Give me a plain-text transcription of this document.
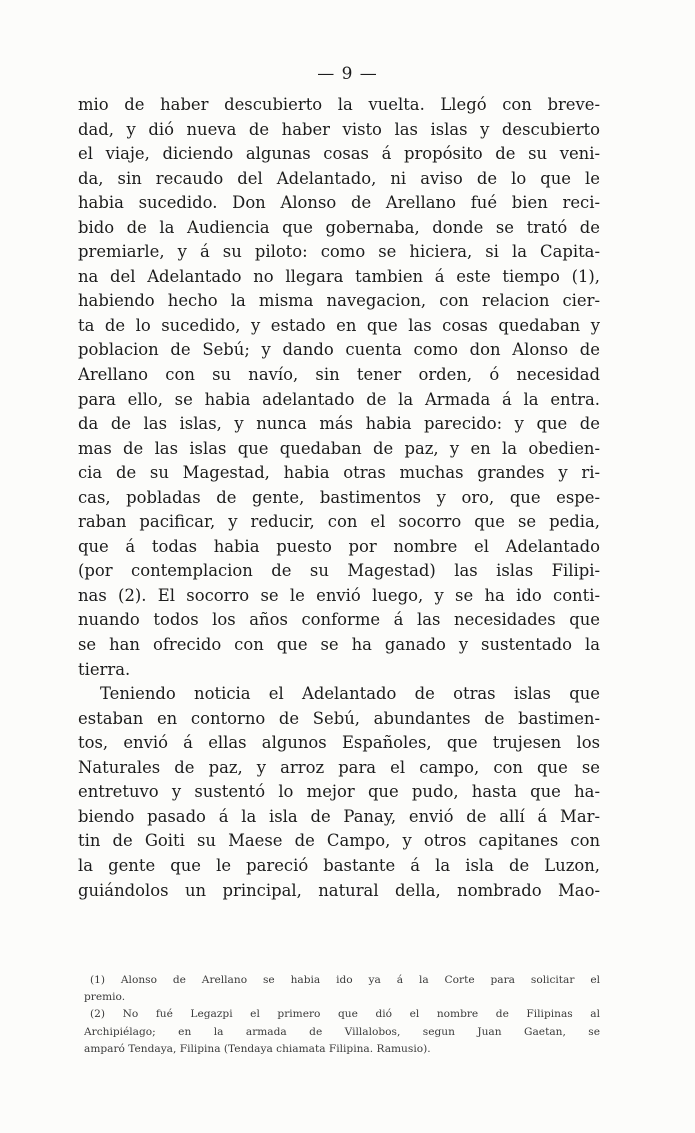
— 9 —

mio de haber descubierto la vuelta. Llegó con breve-
dad, y dió nueva de haber visto las islas y descubierto
el viaje, diciendo algunas cosas á propósito de su veni-
da, sin recaudo del Adelantado, ni aviso de lo que le
habia sucedido. Don Alonso de Arellano fué bien reci-
bido de la Audiencia que gobernaba, donde se trató de
premiarle, y á su piloto: como se hiciera, si la Capita-
na del Adelantado no llegara tambien á este tiempo (1),
habiendo hecho la misma navegacion, con relacion cier-
ta de lo sucedido, y estado en que las cosas quedaban y
poblacion de Sebú; y dando cuenta como don Alonso de
Arellano con su navío, sin tener orden, ó necesidad
para ello, se habia adelantado de la Armada á la entra.
da de las islas, y nunca más habia parecido: y que de
mas de las islas que quedaban de paz, y en la obedien-
cia de su Magestad, habia otras muchas grandes y ri-
cas, pobladas de gente, bastimentos y oro, que espe-
raban pacificar, y reducir, con el socorro que se pedia,
que á todas habia puesto por nombre el Adelantado
(por contemplacion de su Magestad) las islas Filipi-
nas (2). El socorro se le envió luego, y se ha ido conti-
nuando todos los años conforme á las necesidades que
se han ofrecido con que se ha ganado y sustentado la
tierra.
Teniendo noticia el Adelantado de otras islas que
estaban en contorno de Sebú, abundantes de bastimen-
tos, envió á ellas algunos Españoles, que trujesen los
Naturales de paz, y arroz para el campo, con que se
entretuvo y sustentó lo mejor que pudo, hasta que ha-
biendo pasado á la isla de Panay, envió de allí á Mar-
tin de Goiti su Maese de Campo, y otros capitanes con
la gente que le pareció bastante á la isla de Luzon,
guiándolos un principal, natural della, nombrado Mao-
(1) Alonso de Arellano se habia ido ya á la Corte para solicitar el
premio.
(2) No fué Legazpi el primero que dió el nombre de Filipinas al
Archipiélago; en la armada de Villalobos, segun Juan Gaetan, se
amparó Tendaya, Filipina (Tendaya chiamata Filipina. Ramusio).
